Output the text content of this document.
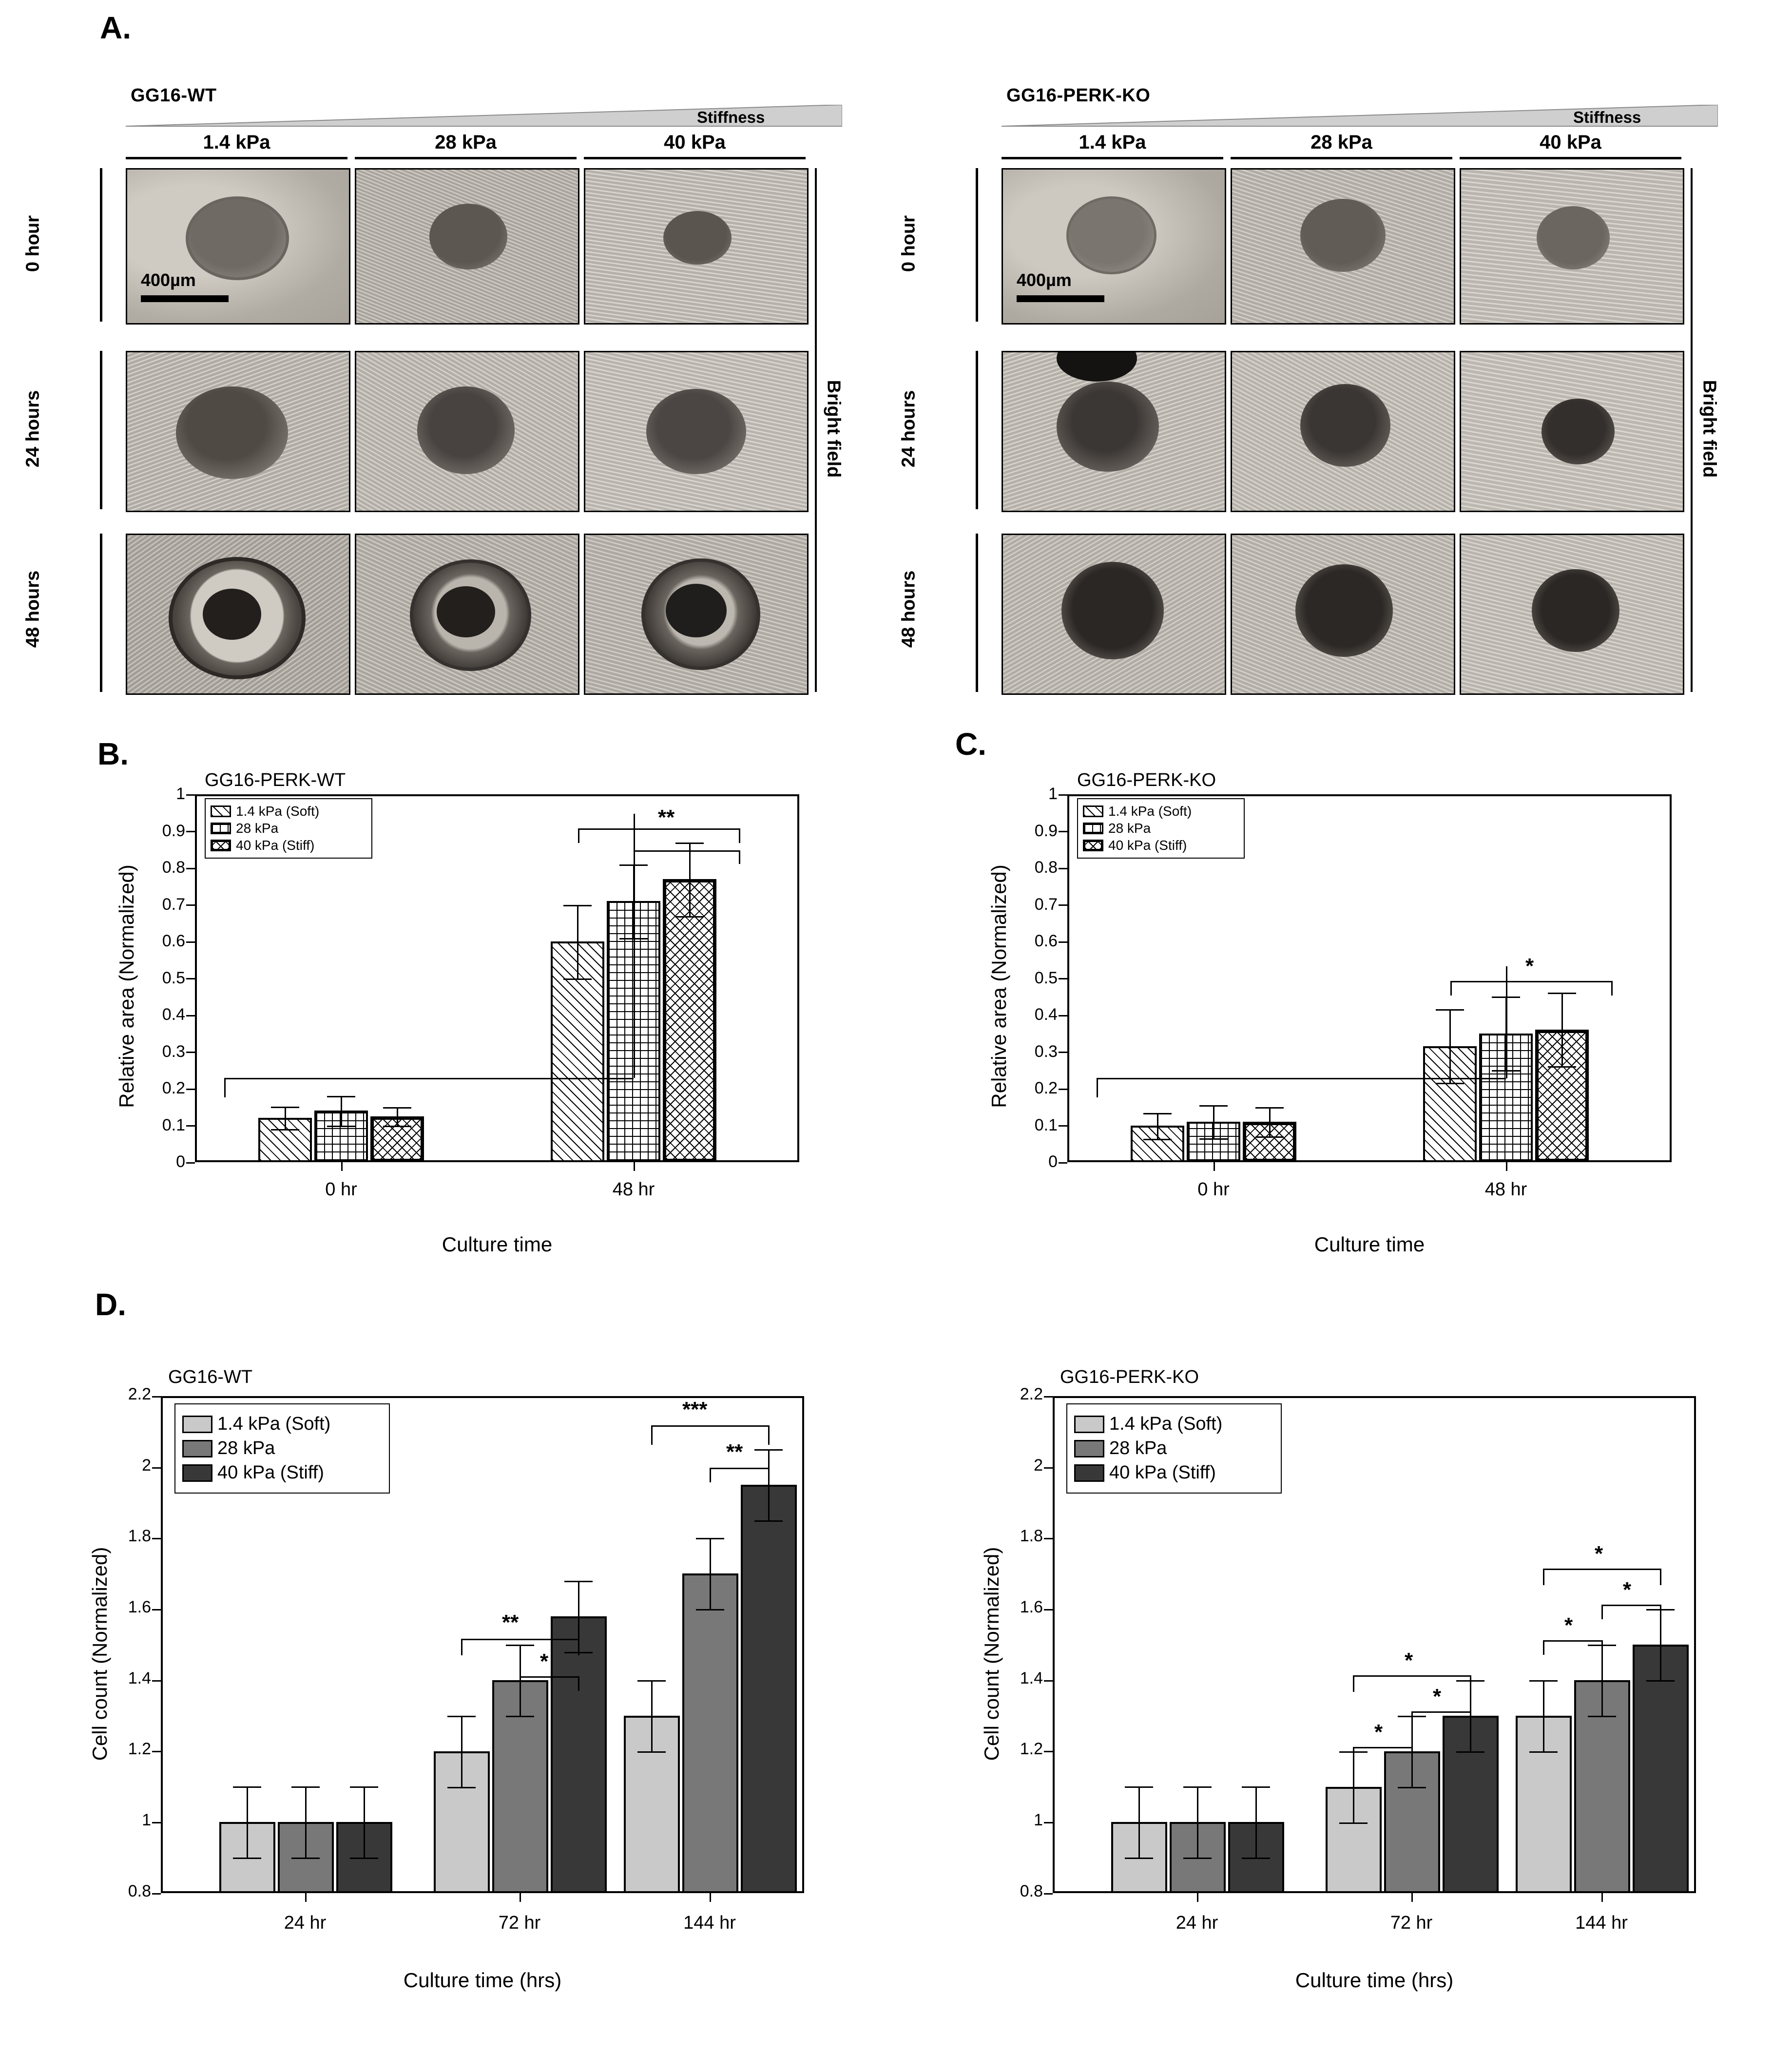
A.
GG16-WT
Stiffness
1.4 kPa	28 kPa	40 kPa
0 hour
24 hours
48 hours
Bright field
400µm
GG16-PERK-KO
Stiffness
1.4 kPa	28 kPa	40 kPa
0 hour
24 hours
48 hours
Bright field
400µm
B.
GG16-PERK-WT
Relative area (Normalized)
Culture time
0
0.1
0.2
0.3
0.4
0.5
0.6
0.7
0.8
0.9
1
1.4 kPa (Soft)
28 kPa
40 kPa (Stiff)
0 hr	48 hr
**
C.
GG16-PERK-KO
Relative area (Normalized)
Culture time
0
0.1
0.2
0.3
0.4
0.5
0.6
0.7
0.8
0.9
1
1.4 kPa (Soft)
28 kPa
40 kPa (Stiff)
0 hr	48 hr
*
D.
GG16-WT
Cell count (Normalized)
Culture time (hrs)
0.8
1
1.2
1.4
1.6
1.8
2
2.2
1.4 kPa (Soft)
28 kPa
40 kPa (Stiff)
24 hr	72 hr	144 hr
**
*
***
**
GG16-PERK-KO
Cell count (Normalized)
Culture time (hrs)
0.8
1
1.2
1.4
1.6
1.8
2
2.2
1.4 kPa (Soft)
28 kPa
40 kPa (Stiff)
24 hr	72 hr	144 hr
*
*
*
*
*
*
